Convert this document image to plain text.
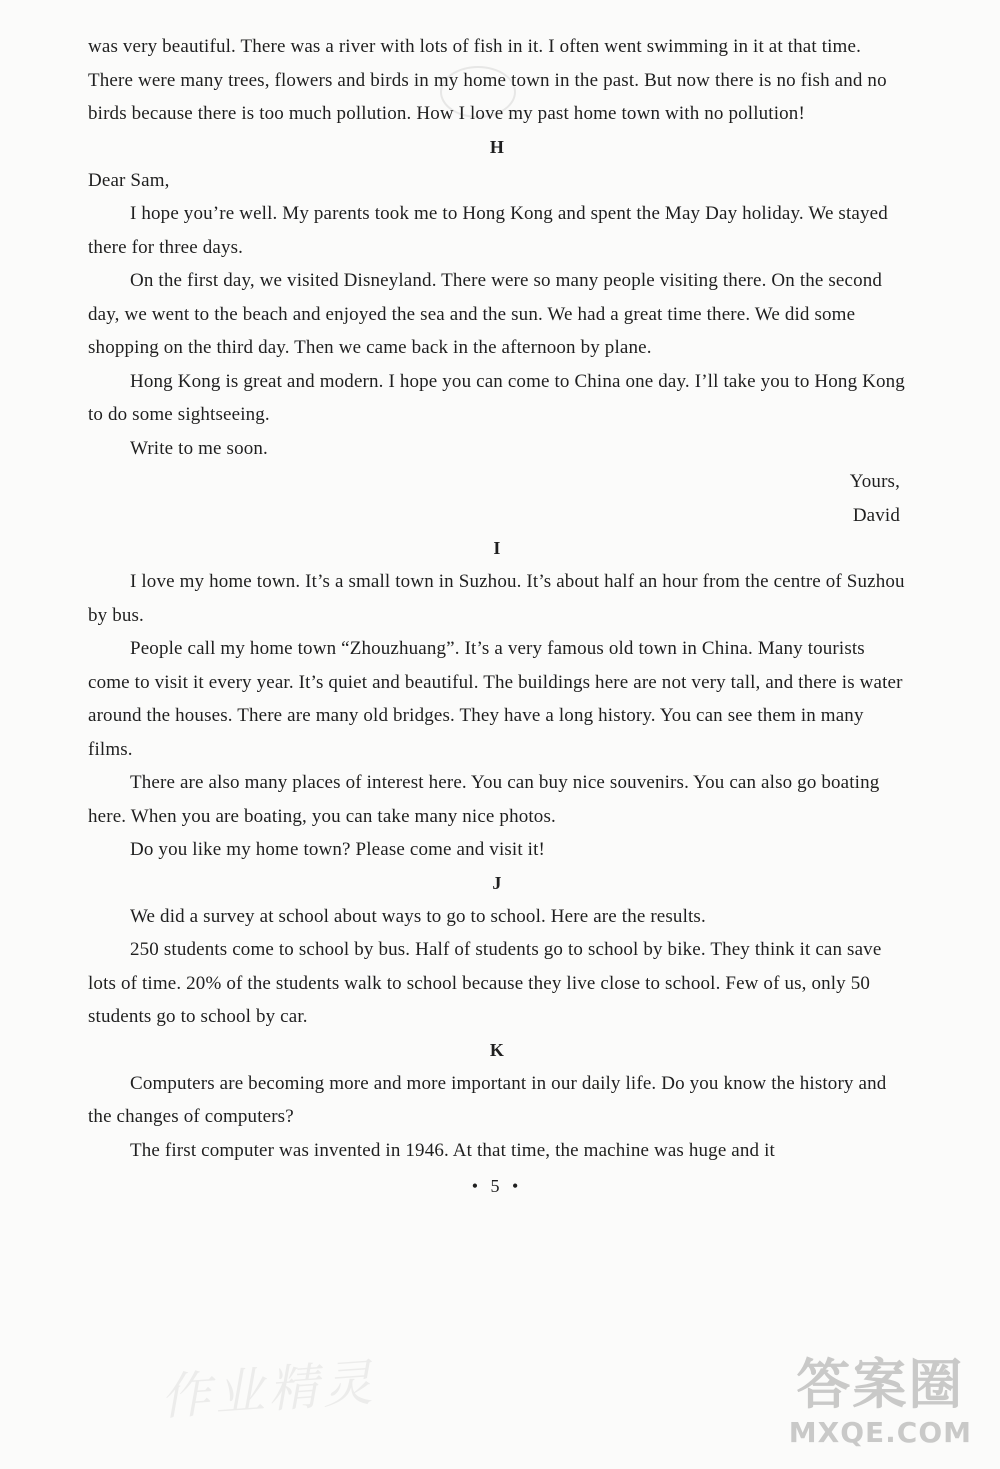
was very beautiful. There was a river with lots of fish in it. I often went swimming in it at that time. There were many trees, flowers and birds in my home town in the past. But now there is no fish and no birds because there is too much pollution. How I love my past home town with no pollution!

H

Dear Sam,

I hope you’re well. My parents took me to Hong Kong and spent the May Day holiday. We stayed there for three days.

On the first day, we visited Disneyland. There were so many people visiting there. On the second day, we went to the beach and enjoyed the sea and the sun. We had a great time there. We did some shopping on the third day. Then we came back in the afternoon by plane.

Hong Kong is great and modern. I hope you can come to China one day. I’ll take you to Hong Kong to do some sightseeing.

Write to me soon.

Yours,

David

I

I love my home town. It’s a small town in Suzhou. It’s about half an hour from the centre of Suzhou by bus.

People call my home town “Zhouzhuang”. It’s a very famous old town in China. Many tourists come to visit it every year. It’s quiet and beautiful. The buildings here are not very tall, and there is water around the houses. There are many old bridges. They have a long history. You can see them in many films.

There are also many places of interest here. You can buy nice souvenirs. You can also go boating here. When you are boating, you can take many nice photos.

Do you like my home town? Please come and visit it!

J

We did a survey at school about ways to go to school. Here are the results.

250 students come to school by bus. Half of students go to school by bike. They think it can save lots of time. 20% of the students walk to school because they live close to school. Few of us, only 50 students go to school by car.

K

Computers are becoming more and more important in our daily life. Do you know the history and the changes of computers?

The first computer was invented in 1946. At that time, the machine was huge and it

• 5 •

作业精灵	答案圈
MXQE.COM
